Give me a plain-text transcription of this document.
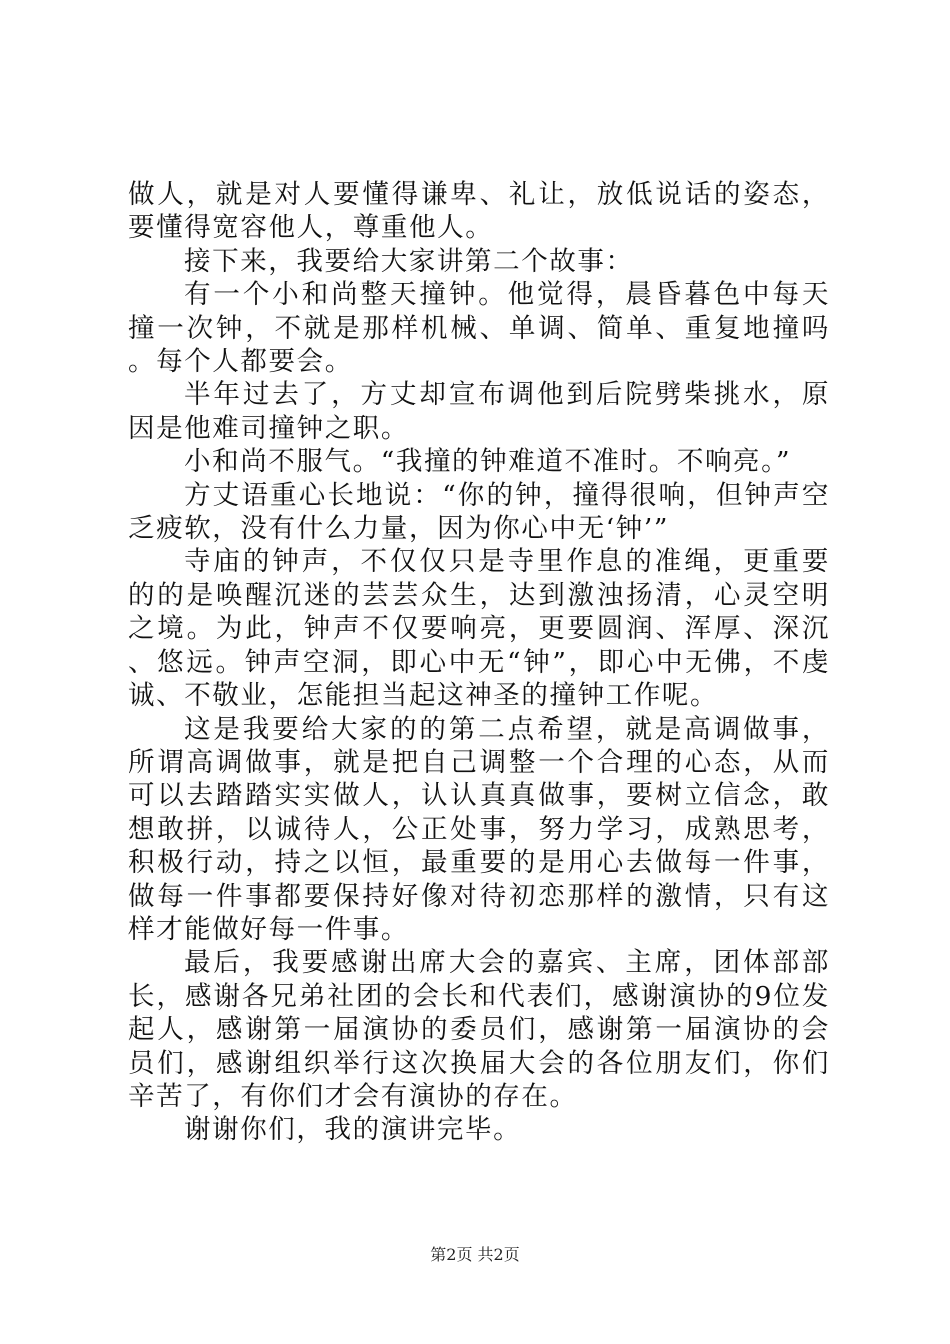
做人，就是对人要懂得谦卑、礼让，放低说话的姿态，要懂得宽容他人，尊重他人。

接下来，我要给大家讲第二个故事：

有一个小和尚整天撞钟。他觉得，晨昏暮色中每天撞一次钟，不就是那样机械、单调、简单、重复地撞吗。每个人都要会。

半年过去了，方丈却宣布调他到后院劈柴挑水，原因是他难司撞钟之职。

小和尚不服气。“我撞的钟难道不准时。不响亮。”

方丈语重心长地说：“你的钟，撞得很响，但钟声空乏疲软，没有什么力量，因为你心中无‘钟’”

寺庙的钟声，不仅仅只是寺里作息的准绳，更重要的的是唤醒沉迷的芸芸众生，达到激浊扬清，心灵空明之境。为此，钟声不仅要响亮，更要圆润、浑厚、深沉、悠远。钟声空洞，即心中无“钟”，即心中无佛，不虔诚、不敬业，怎能担当起这神圣的撞钟工作呢。

这是我要给大家的的第二点希望，就是高调做事，所谓高调做事，就是把自己调整一个合理的心态，从而可以去踏踏实实做人，认认真真做事，要树立信念，敢想敢拼，以诚待人，公正处事，努力学习，成熟思考，积极行动，持之以恒，最重要的是用心去做每一件事，做每一件事都要保持好像对待初恋那样的激情，只有这样才能做好每一件事。

最后，我要感谢出席大会的嘉宾、主席，团体部部长，感谢各兄弟社团的会长和代表们，感谢演协的9位发起人，感谢第一届演协的委员们，感谢第一届演协的会员们，感谢组织举行这次换届大会的各位朋友们，你们辛苦了，有你们才会有演协的存在。

谢谢你们，我的演讲完毕。

第2页 共2页
